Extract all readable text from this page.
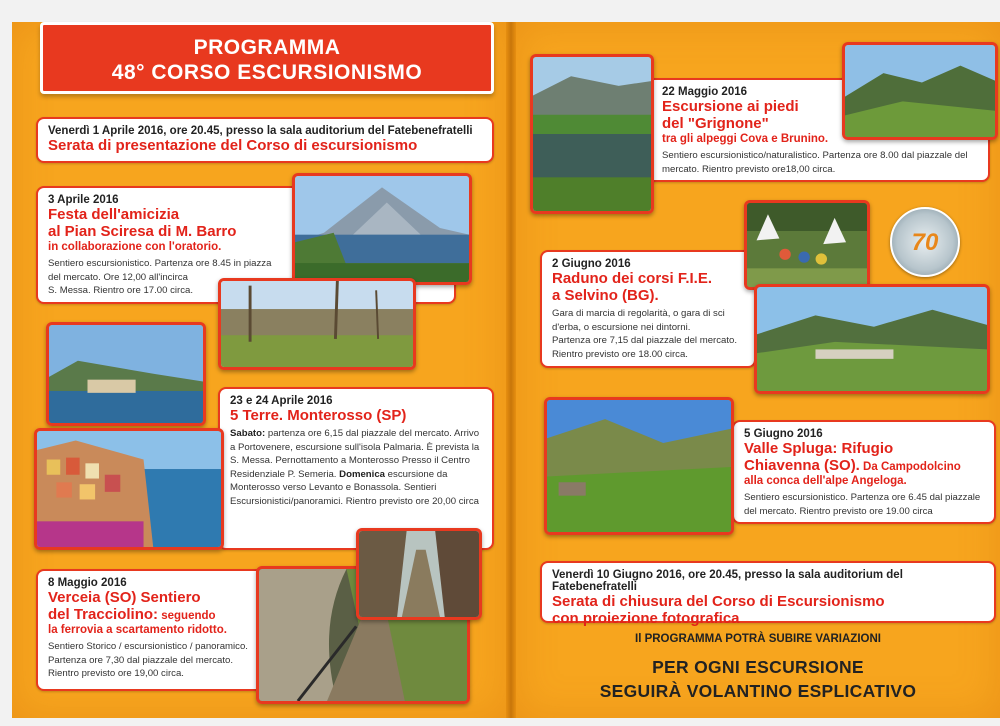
PROGRAMMA
48° CORSO ESCURSIONISMO
Venerdì 1 Aprile 2016, ore 20.45, presso la sala auditorium del Fatebenefratelli
Serata di presentazione del Corso di escursionismo
3 Aprile 2016
Festa dell'amicizia
al Pian Sciresa di M. Barro
in collaborazione con l'oratorio.
Sentiero escursionistico. Partenza ore 8.45 in piazza
del mercato. Ore 12,00 all'incirca
S. Messa. Rientro ore 17.00 circa.
23 e 24 Aprile 2016
5 Terre. Monterosso (SP)
Sabato: partenza ore 6,15 dal piazzale del mercato. Arrivo
a Portovenere, escursione sull'isola Palmaria. È prevista la
S. Messa. Pernottamento a Monterosso Presso il Centro
Residenziale P. Semeria. Domenica escursione da
Monterosso verso Levanto e Bonassola. Sentieri
Escursionistici/panoramici. Rientro previsto ore 20,00 circa
8 Maggio 2016
Verceia (SO) Sentiero
del Tracciolino: seguendo
la ferrovia a scartamento ridotto.
Sentiero Storico / escursionistico / panoramico.
Partenza ore 7,30 dal piazzale del mercato.
Rientro previsto ore 19,00 circa.
22 Maggio 2016
Escursione ai piedi
del "Grignone"
tra gli alpeggi Cova e Brunino.
Sentiero escursionistico/naturalistico. Partenza ore 8.00 dal piazzale del
mercato. Rientro previsto ore18,00 circa.
2 Giugno 2016
Raduno dei corsi F.I.E.
a Selvino (BG).
Gara di marcia di regolarità, o gara di sci
d'erba, o escursione nei dintorni.
Partenza ore 7,15 dal piazzale del mercato.
Rientro previsto ore 18.00 circa.
5 Giugno 2016
Valle Spluga: Rifugio
Chiavenna (SO). Da Campodolcino
alla conca dell'alpe Angeloga.
Sentiero escursionistico. Partenza ore 6.45 dal piazzale
del mercato. Rientro previsto ore 19.00 circa
Venerdì 10 Giugno 2016, ore 20.45, presso la sala auditorium del Fatebenefratelli
Serata di chiusura del Corso di Escursionismo
con proiezione fotografica
Il PROGRAMMA POTRÀ SUBIRE VARIAZIONI
PER OGNI ESCURSIONE
SEGUIRÀ VOLANTINO ESPLICATIVO
70
